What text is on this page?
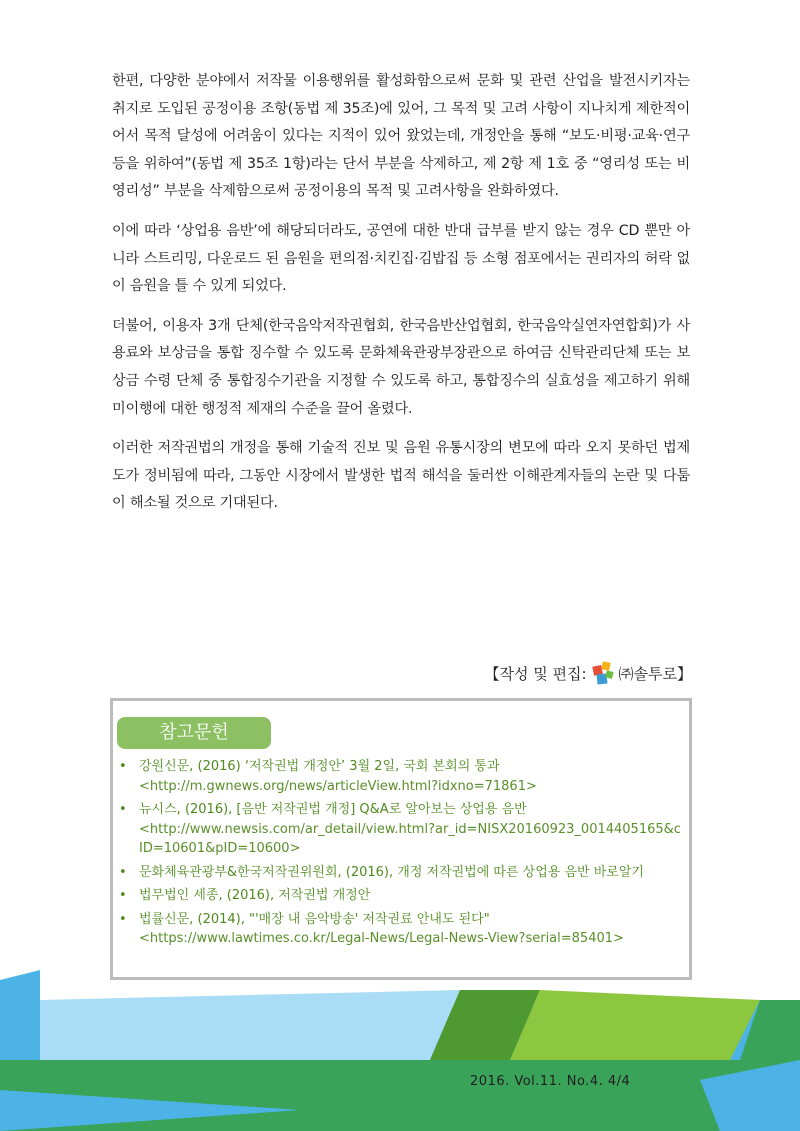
한편, 다양한 분야에서 저작물 이용행위를 활성화함으로써 문화 및 관련 산업을 발전시키자는 취지로 도입된 공정이용 조항(동법 제 35조)에 있어, 그 목적 및 고려 사항이 지나치게 제한적이어서 목적 달성에 어려움이 있다는 지적이 있어 왔었는데, 개정안을 통해 “보도·비평·교육·연구 등을 위하여”(동법 제 35조 1항)라는 단서 부분을 삭제하고, 제 2항 제 1호 중 “영리성 또는 비영리성” 부분을 삭제함으로써 공정이용의 목적 및 고려사항을 완화하였다.

이에 따라 ‘상업용 음반’에 해당되더라도, 공연에 대한 반대 급부를 받지 않는 경우 CD 뿐만 아니라 스트리밍, 다운로드 된 음원을 편의점·치킨집·김밥집 등 소형 점포에서는 권리자의 허락 없이 음원을 틀 수 있게 되었다.

더불어, 이용자 3개 단체(한국음악저작권협회, 한국음반산업협회, 한국음악실연자연합회)가 사용료와 보상금을 통합 징수할 수 있도록 문화체육관광부장관으로 하여금 신탁관리단체 또는 보상금 수령 단체 중 통합징수기관을 지정할 수 있도록 하고, 통합징수의 실효성을 제고하기 위해 미이행에 대한 행정적 제재의 수준을 끌어 올렸다.

이러한 저작권법의 개정을 통해 기술적 진보 및 음원 유통시장의 변모에 따라 오지 못하던 법제도가 정비됨에 따라, 그동안 시장에서 발생한 법적 해석을 둘러싼 이해관계자들의 논란 및 다툼이 해소될 것으로 기대된다.

【작성 및 편집: ㈜솔투로】
참고문헌
• 강원신문, (2016) ‘저작권법 개정안’ 3월 2일, 국회 본회의 통과
<http://m.gwnews.org/news/articleView.html?idxno=71861>
• 뉴시스, (2016), [음반 저작권법 개정] Q&A로 알아보는 상업용 음반
<http://www.newsis.com/ar_detail/view.html?ar_id=NISX20160923_0014405165&cID=10601&pID=10600>
• 문화체육관광부&한국저작권위원회, (2016), 개정 저작권법에 따른 상업용 음반 바로알기
• 법무법인 세종, (2016), 저작권법 개정안
• 법률신문, (2014), "'매장 내 음악방송' 저작권료 안내도 된다"
<https://www.lawtimes.co.kr/Legal-News/Legal-News-View?serial=85401>
2016. Vol.11. No.4. 4/4
